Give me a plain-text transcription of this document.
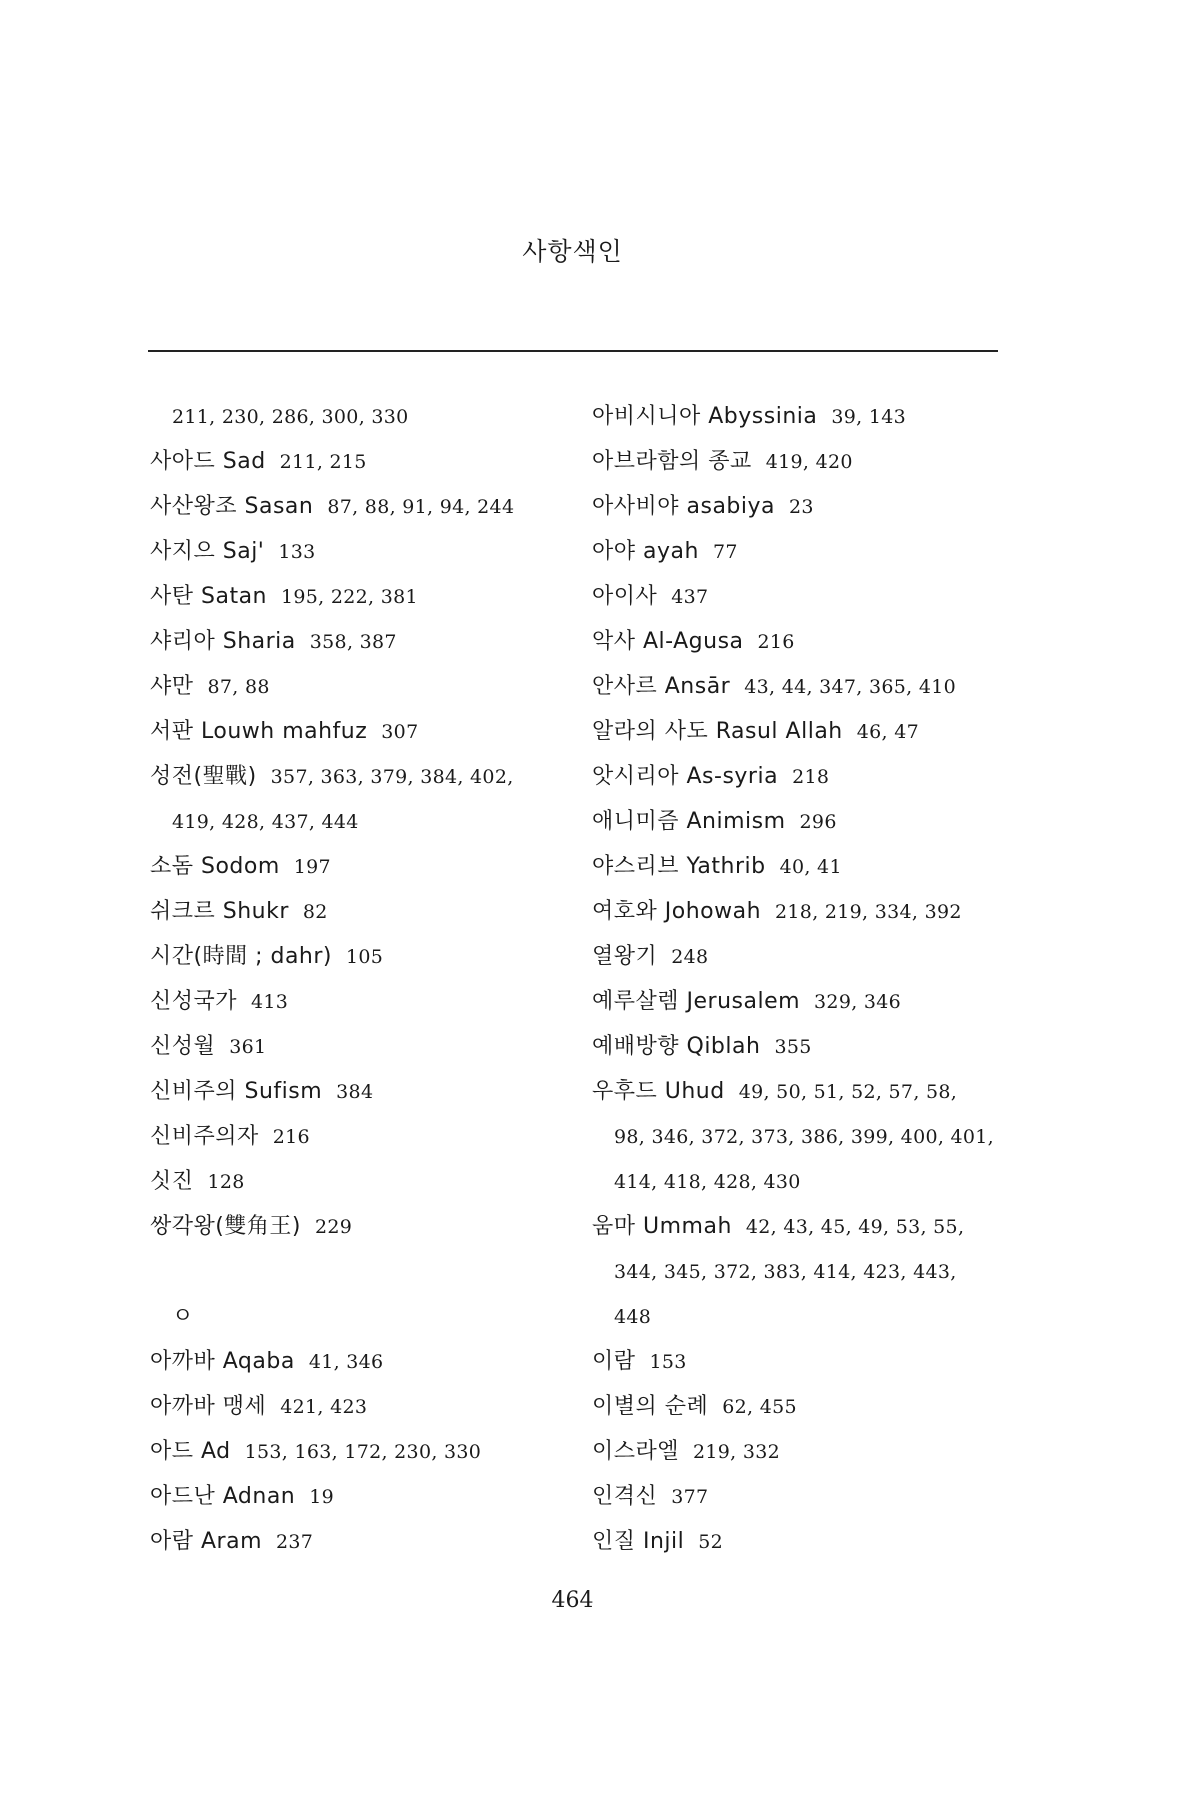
사항색인
211, 230, 286, 300, 330
사아드 Sad 211, 215
사산왕조 Sasan 87, 88, 91, 94, 244
사지으 Saj' 133
사탄 Satan 195, 222, 381
샤리아 Sharia 358, 387
샤만 87, 88
서판 Louwh mahfuz 307
성전(聖戰) 357, 363, 379, 384, 402,
419, 428, 437, 444
소돔 Sodom 197
쉬크르 Shukr 82
시간(時間 ; dahr) 105
신성국가 413
신성월 361
신비주의 Sufism 384
신비주의자 216
싯진 128
쌍각왕(雙角王) 229
ㅇ
아까바 Aqaba 41, 346
아까바 맹세 421, 423
아드 Ad 153, 163, 172, 230, 330
아드난 Adnan 19
아람 Aram 237
아비시니아 Abyssinia 39, 143
아브라함의 종교 419, 420
아사비야 asabiya 23
아야 ayah 77
아이사 437
악사 Al-Agusa 216
안사르 Ansār 43, 44, 347, 365, 410
알라의 사도 Rasul Allah 46, 47
앗시리아 As-syria 218
애니미즘 Animism 296
야스리브 Yathrib 40, 41
여호와 Johowah 218, 219, 334, 392
열왕기 248
예루살렘 Jerusalem 329, 346
예배방향 Qiblah 355
우후드 Uhud 49, 50, 51, 52, 57, 58,
98, 346, 372, 373, 386, 399, 400, 401,
414, 418, 428, 430
움마 Ummah 42, 43, 45, 49, 53, 55,
344, 345, 372, 383, 414, 423, 443,
448
이람 153
이별의 순례 62, 455
이스라엘 219, 332
인격신 377
인질 Injil 52
464
